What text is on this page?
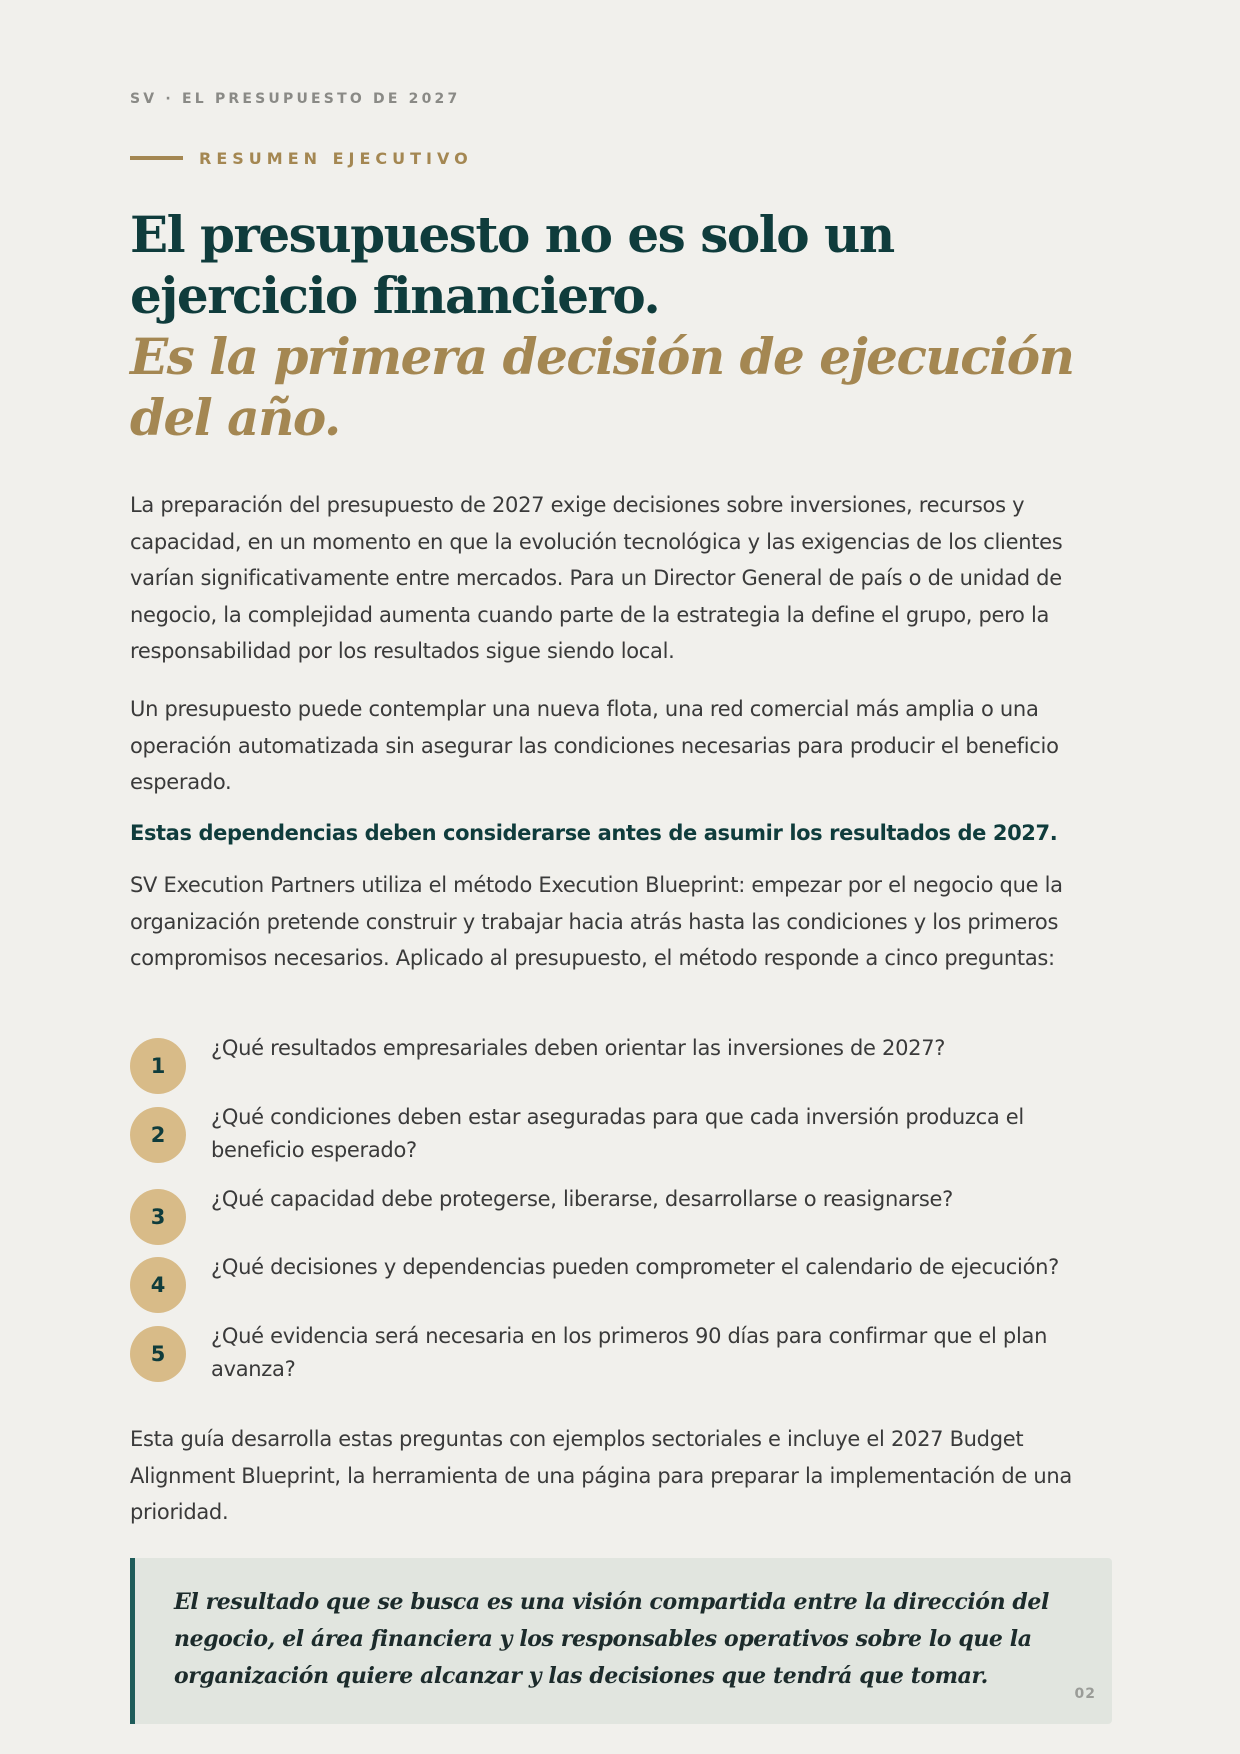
SV · EL PRESUPUESTO DE 2027
RESUMEN EJECUTIVO
El presupuesto no es solo un ejercicio financiero.
Es la primera decisión de ejecución del año.

La preparación del presupuesto de 2027 exige decisiones sobre inversiones, recursos y capacidad, en un momento en que la evolución tecnológica y las exigencias de los clientes varían significativamente entre mercados. Para un Director General de país o de unidad de negocio, la complejidad aumenta cuando parte de la estrategia la define el grupo, pero la responsabilidad por los resultados sigue siendo local.

Un presupuesto puede contemplar una nueva flota, una red comercial más amplia o una operación automatizada sin asegurar las condiciones necesarias para producir el beneficio esperado.

Estas dependencias deben considerarse antes de asumir los resultados de 2027.

SV Execution Partners utiliza el método Execution Blueprint: empezar por el negocio que la organización pretende construir y trabajar hacia atrás hasta las condiciones y los primeros compromisos necesarios. Aplicado al presupuesto, el método responde a cinco preguntas:

1
¿Qué resultados empresariales deben orientar las inversiones de 2027?
2
¿Qué condiciones deben estar aseguradas para que cada inversión produzca el beneficio esperado?
3
¿Qué capacidad debe protegerse, liberarse, desarrollarse o reasignarse?
4
¿Qué decisiones y dependencias pueden comprometer el calendario de ejecución?
5
¿Qué evidencia será necesaria en los primeros 90 días para confirmar que el plan avanza?

Esta guía desarrolla estas preguntas con ejemplos sectoriales e incluye el 2027 Budget Alignment Blueprint, la herramienta de una página para preparar la implementación de una prioridad.

El resultado que se busca es una visión compartida entre la dirección del negocio, el área financiera y los responsables operativos sobre lo que la organización quiere alcanzar y las decisiones que tendrá que tomar.

02
